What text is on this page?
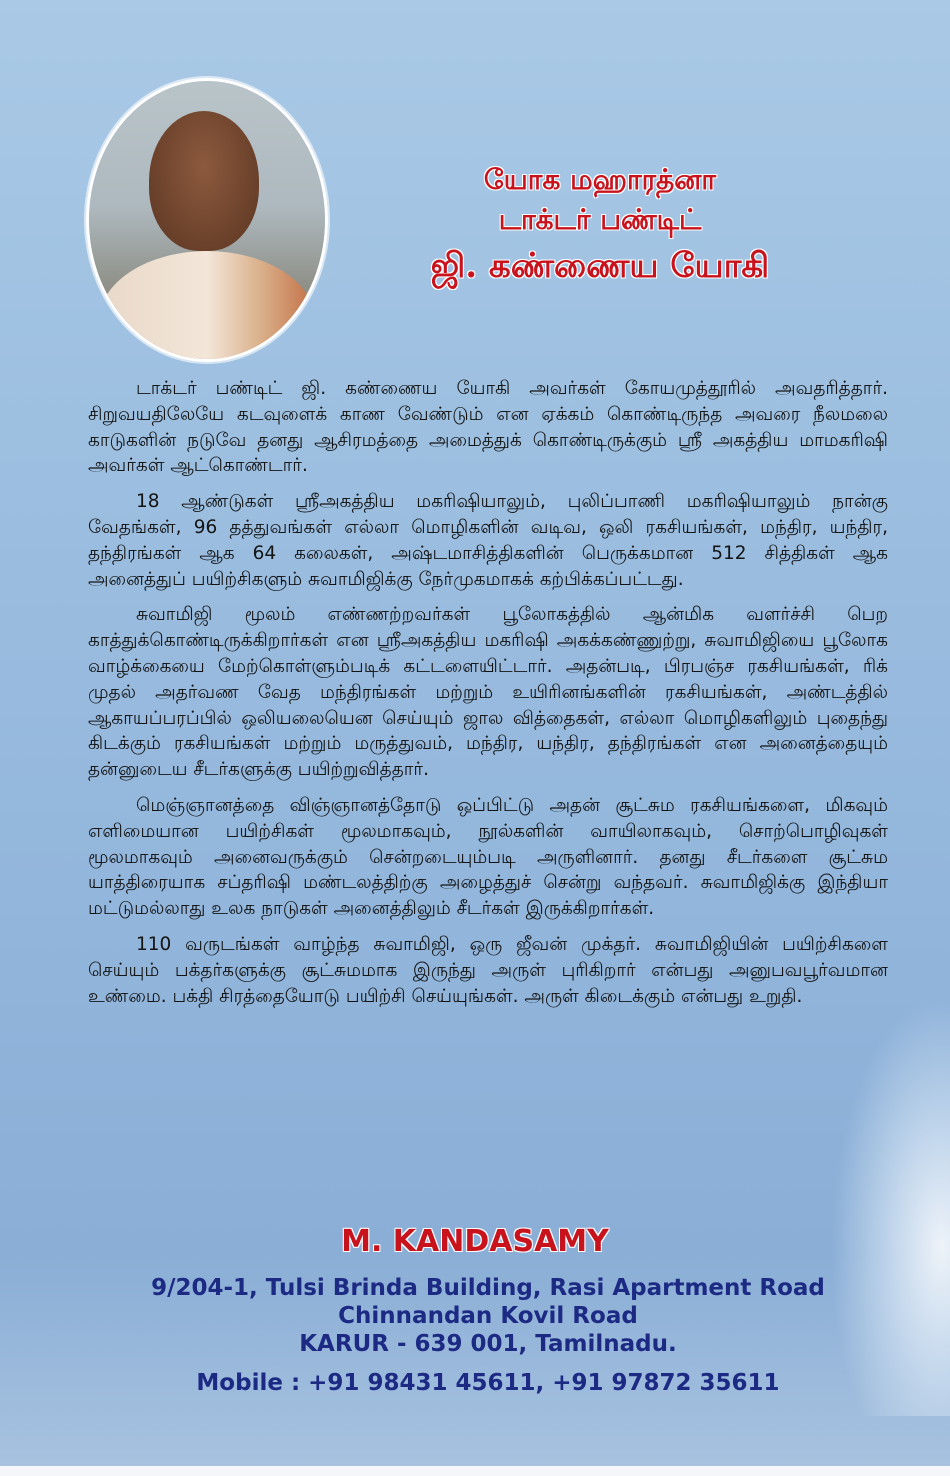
யோக மஹாரத்னா
டாக்டர் பண்டிட்
ஜி. கண்ணைய யோகி

டாக்டர் பண்டிட் ஜி. கண்ணைய யோகி அவர்கள் கோயமுத்தூரில் அவதரித்தார். சிறுவயதிலேயே கடவுளைக் காண வேண்டும் என ஏக்கம் கொண்டிருந்த அவரை நீலமலை காடுகளின் நடுவே தனது ஆசிரமத்தை அமைத்துக் கொண்டிருக்கும் ஸ்ரீ அகத்திய மாமகரிஷி அவர்கள் ஆட்கொண்டார்.

18 ஆண்டுகள் ஸ்ரீஅகத்திய மகரிஷியாலும், புலிப்பாணி மகரிஷியாலும் நான்கு வேதங்கள், 96 தத்துவங்கள் எல்லா மொழிகளின் வடிவ, ஒலி ரகசியங்கள், மந்திர, யந்திர, தந்திரங்கள் ஆக 64 கலைகள், அஷ்டமாசித்திகளின் பெருக்கமான 512 சித்திகள் ஆக அனைத்துப் பயிற்சிகளும் சுவாமிஜிக்கு நேர்முகமாகக் கற்பிக்கப்பட்டது.

சுவாமிஜி மூலம் எண்ணற்றவர்கள் பூலோகத்தில் ஆன்மிக வளர்ச்சி பெற காத்துக்கொண்டிருக்கிறார்கள் என ஸ்ரீஅகத்திய மகரிஷி அகக்கண்ணுற்று, சுவாமிஜியை பூலோக வாழ்க்கையை மேற்கொள்ளும்படிக் கட்டளையிட்டார். அதன்படி, பிரபஞ்ச ரகசியங்கள், ரிக் முதல் அதர்வண வேத மந்திரங்கள் மற்றும் உயிரினங்களின் ரகசியங்கள், அண்டத்தில் ஆகாயப்பரப்பில் ஒலியலையென செய்யும் ஜால வித்தைகள், எல்லா மொழிகளிலும் புதைந்து கிடக்கும் ரகசியங்கள் மற்றும் மருத்துவம், மந்திர, யந்திர, தந்திரங்கள் என அனைத்தையும் தன்னுடைய சீடர்களுக்கு பயிற்றுவித்தார்.

மெஞ்ஞானத்தை விஞ்ஞானத்தோடு ஒப்பிட்டு அதன் சூட்சும ரகசியங்களை, மிகவும் எளிமையான பயிற்சிகள் மூலமாகவும், நூல்களின் வாயிலாகவும், சொற்பொழிவுகள் மூலமாகவும் அனைவருக்கும் சென்றடையும்படி அருளினார். தனது சீடர்களை சூட்சும யாத்திரையாக சப்தரிஷி மண்டலத்திற்கு அழைத்துச் சென்று வந்தவர். சுவாமிஜிக்கு இந்தியா மட்டுமல்லாது உலக நாடுகள் அனைத்திலும் சீடர்கள் இருக்கிறார்கள்.

110 வருடங்கள் வாழ்ந்த சுவாமிஜி, ஒரு ஜீவன் முக்தர். சுவாமிஜியின் பயிற்சிகளை செய்யும் பக்தர்களுக்கு சூட்சுமமாக இருந்து அருள் புரிகிறார் என்பது அனுபவபூர்வமான உண்மை. பக்தி சிரத்தையோடு பயிற்சி செய்யுங்கள். அருள் கிடைக்கும் என்பது உறுதி.

M. KANDASAMY
9/204-1, Tulsi Brinda Building, Rasi Apartment Road
Chinnandan Kovil Road
KARUR - 639 001, Tamilnadu.
Mobile : +91 98431 45611, +91 97872 35611
